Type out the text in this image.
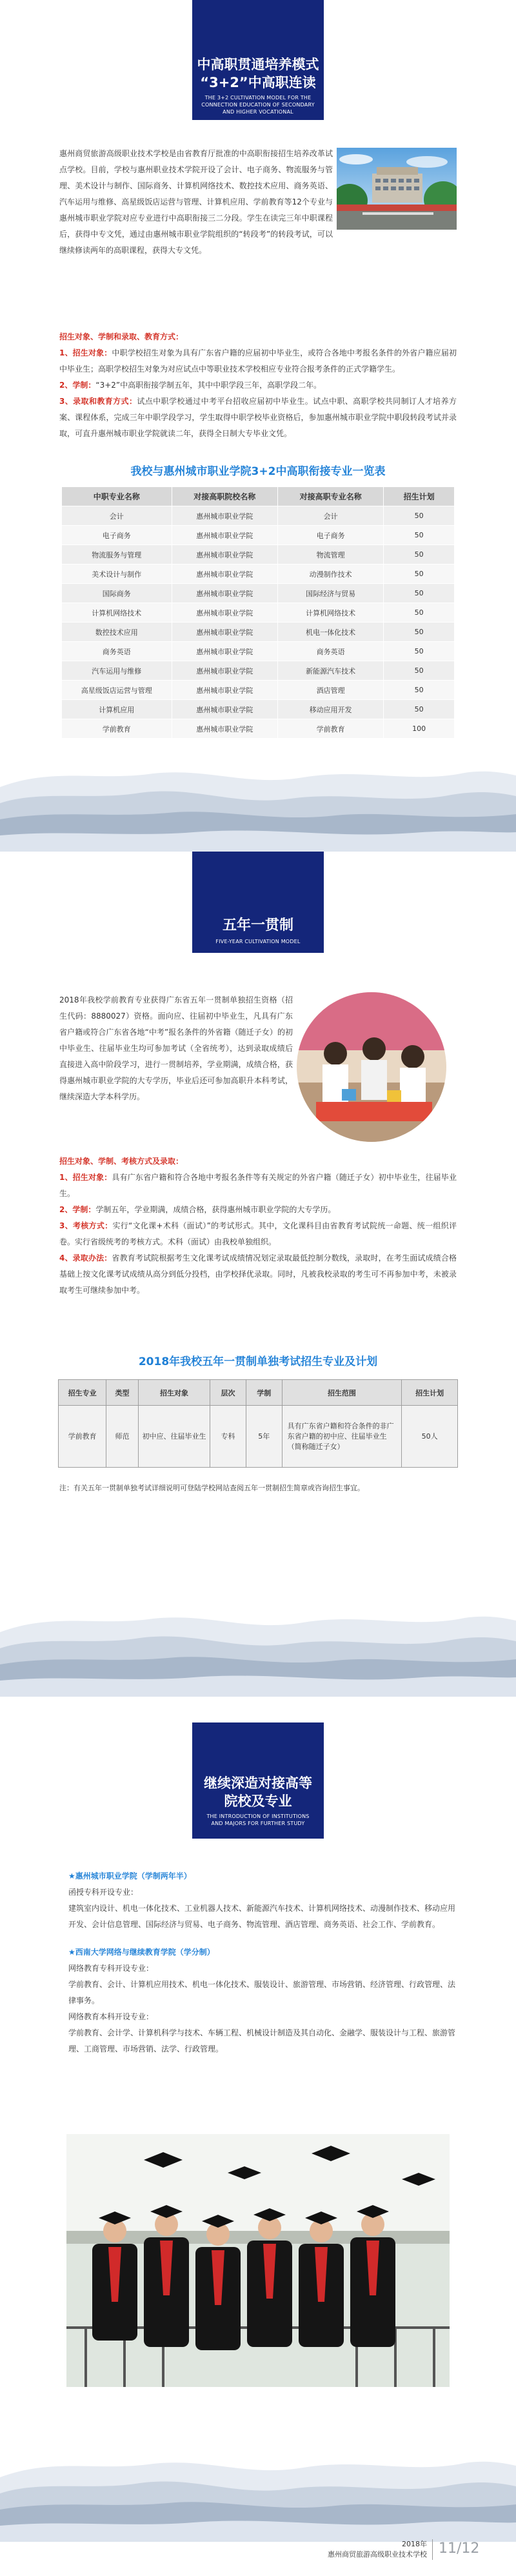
中高职贯通培养模式
“3+2”中高职连读
THE 3+2 CULTIVATION MODEL FOR THE CONNECTION EDUCATION OF SECONDARY AND HIGHER VOCATIONAL
惠州商贸旅游高级职业技术学校是由省教育厅批准的中高职衔接招生培养改革试点学校。目前，学校与惠州职业技术学院开设了会计、电子商务、物流服务与管理、美术设计与制作、国际商务、计算机网络技术、数控技术应用、商务英语、汽车运用与维修、高星级饭店运营与管理、计算机应用、学前教育等12个专业与惠州城市职业学院对应专业进行中高职衔接三二分段。学生在读完三年中职课程后，获得中专文凭，通过由惠州城市职业学院组织的“转段考”的转段考试，可以继续修读两年的高职课程，获得大专文凭。
招生对象、学制和录取、教育方式：
1、招生对象：中职学校招生对象为具有广东省户籍的应届初中毕业生，或符合各地中考报名条件的外省户籍应届初中毕业生；高职学校招生对象为对应试点中等职业技术学校相应专业符合报考条件的正式学籍学生。
2、学制：“3+2”中高职衔接学制五年，其中中职学段三年，高职学段二年。
3、录取和教育方式：试点中职学校通过中考平台招收应届初中毕业生。试点中职、高职学校共同制订人才培养方案、课程体系，完成三年中职学段学习，学生取得中职学校毕业资格后，参加惠州城市职业学院中职段转段考试并录取，可直升惠州城市职业学院就读二年，获得全日制大专毕业文凭。
我校与惠州城市职业学院3+2中高职衔接专业一览表
中职专业名称	对接高职院校名称	对接高职专业名称	招生计划
会计	惠州城市职业学院	会计	50
电子商务	惠州城市职业学院	电子商务	50
物流服务与管理	惠州城市职业学院	物流管理	50
美术设计与制作	惠州城市职业学院	动漫制作技术	50
国际商务	惠州城市职业学院	国际经济与贸易	50
计算机网络技术	惠州城市职业学院	计算机网络技术	50
数控技术应用	惠州城市职业学院	机电一体化技术	50
商务英语	惠州城市职业学院	商务英语	50
汽车运用与维修	惠州城市职业学院	新能源汽车技术	50
高星级饭店运营与管理	惠州城市职业学院	酒店管理	50
计算机应用	惠州城市职业学院	移动应用开发	50
学前教育	惠州城市职业学院	学前教育	100
五年一贯制
FIVE-YEAR CULTIVATION MODEL
2018年我校学前教育专业获得广东省五年一贯制单独招生资格（招生代码：8880027）资格。面向应、往届初中毕业生，凡具有广东省户籍或符合广东省各地“中考”报名条件的外省籍（随迁子女）的初中毕业生、往届毕业生均可参加考试（全省统考），达到录取成绩后直接进入高中阶段学习，进行一贯制培养，学业期满，成绩合格，获得惠州城市职业学院的大专学历，毕业后还可参加高职升本科考试，继续深造大学本科学历。
招生对象、学制、考核方式及录取：
1、招生对象：具有广东省户籍和符合各地中考报名条件等有关规定的外省户籍（随迁子女）初中毕业生，往届毕业生。
2、学制：学制五年，学业期满，成绩合格，获得惠州城市职业学院的大专学历。
3、考核方式：实行“文化课+术科（面试）”的考试形式。其中，文化课科目由省教育考试院统一命题、统一组织评卷。实行省级统考的考核方式。术科（面试）由我校单独组织。
4、录取办法：省教育考试院根据考生文化课考试成绩情况划定录取最低控制分数线，录取时，在考生面试成绩合格基础上按文化课考试成绩从高分到低分投档，由学校择优录取。同时，凡被我校录取的考生可不再参加中考，未被录取考生可继续参加中考。
2018年我校五年一贯制单独考试招生专业及计划
招生专业	类型	招生对象	层次	学制	招生范围	招生计划
学前教育	师范	初中应、往届毕业生	专科	5年	具有广东省户籍和符合条件的非广东省户籍的初中应、往届毕业生（简称随迁子女）	50人
注：有关五年一贯制单独考试详细说明可登陆学校网站查阅五年一贯制招生简章或咨询招生事宜。
继续深造对接高等
院校及专业
THE INTRODUCTION OF INSTITUTIONS AND MAJORS FOR FURTHER STUDY
★惠州城市职业学院（学制两年半）
函授专科开设专业：
建筑室内设计、机电一体化技术、工业机器人技术、新能源汽车技术、计算机网络技术、动漫制作技术、移动应用开发、会计信息管理、国际经济与贸易、电子商务、物流管理、酒店管理、商务英语、社会工作、学前教育。
★西南大学网络与继续教育学院（学分制）
网络教育专科开设专业：
学前教育、会计、计算机应用技术、机电一体化技术、服装设计、旅游管理、市场营销、经济管理、行政管理、法律事务。
网络教育本科开设专业：
学前教育、会计学、计算机科学与技术、车辆工程、机械设计制造及其自动化、金融学、服装设计与工程、旅游管理、工商管理、市场营销、法学、行政管理。
2018年
惠州商贸旅游高级职业技术学校 11/12
